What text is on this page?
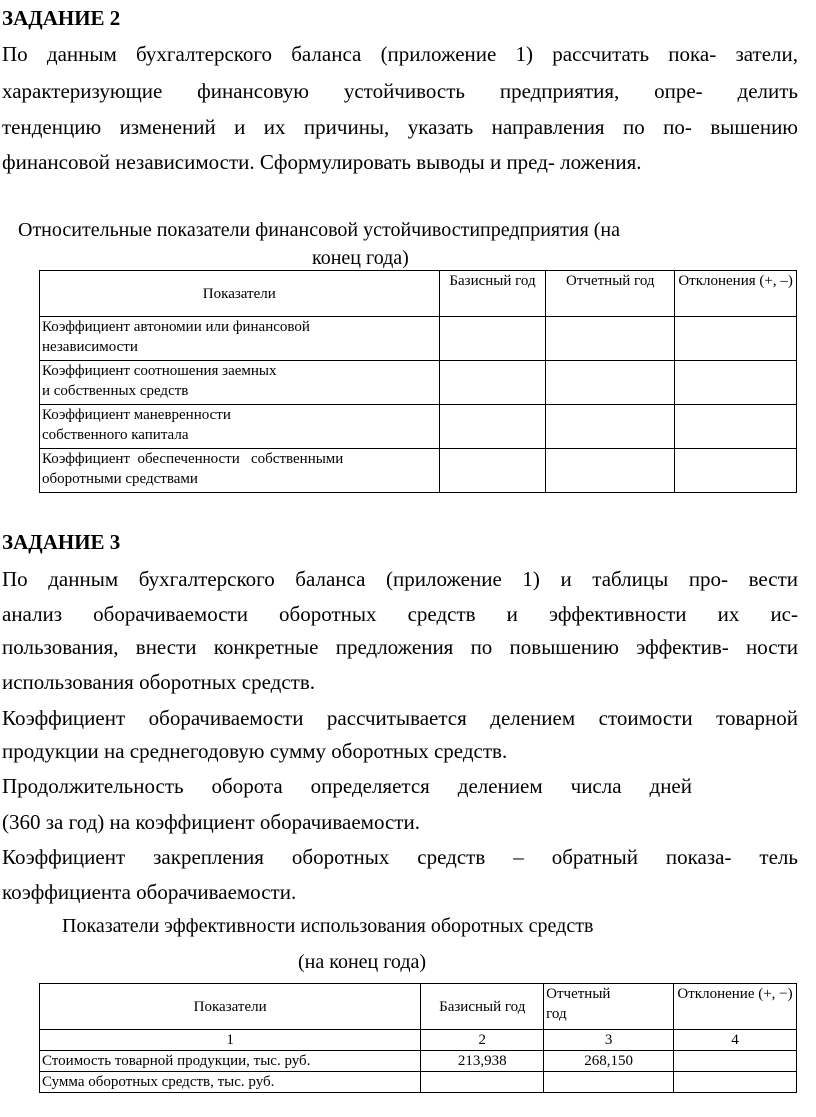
ЗАДАНИЕ 2
По данным бухгалтерского баланса (приложение 1) рассчитать пока- затели,
характеризующие финансовую устойчивость предприятия, опре- делить
тенденцию изменений и их причины, указать направления по по- вышению
финансовой независимости. Сформулировать выводы и пред- ложения.
Относительные показатели финансовой устойчивостипредприятия (на
конец года)
Показатели	Базисный год	Отчетный год	Отклонения (+, –)

Коэффициент автономии или финансовой
независимости			

Коэффициент соотношения заемных
и собственных средств			

Коэффициент маневренности
собственного капитала			

Коэффициент  обеспеченности   собственными
оборотными средствами			

ЗАДАНИЕ 3
По данным бухгалтерского баланса (приложение 1) и таблицы про- вести
анализ оборачиваемости оборотных средств и эффективности их ис-
пользования, внести конкретные предложения по повышению эффектив- ности
использования оборотных средств.
Коэффициент оборачиваемости рассчитывается делением стоимости товарной
продукции на среднегодовую сумму оборотных средств.
Продолжительность оборота определяется делением числа дней
(360 за год) на коэффициент оборачиваемости.
Коэффициент закрепления оборотных средств – обратный показа- тель
коэффициента оборачиваемости.
Показатели эффективности использования оборотных средств
(на конец года)
Показатели	Базисный год	Отчетный год	Отклонение (+, −)
1	2	3	4
Стоимость товарной продукции, тыс. руб.	213,938	268,150	
Сумма оборотных средств, тыс. руб.			
